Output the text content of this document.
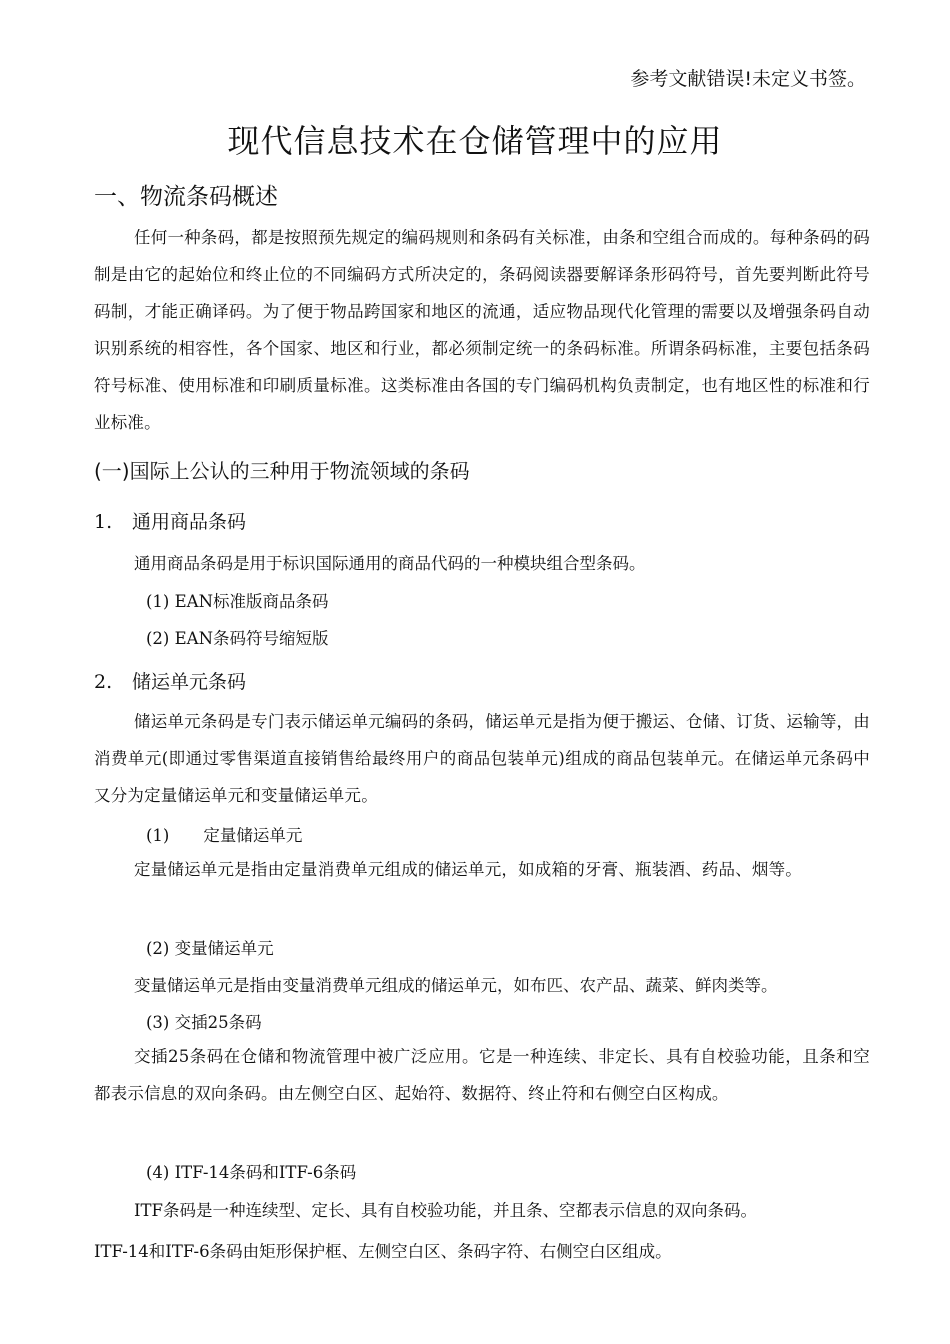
参考文献错误!未定义书签。
现代信息技术在仓储管理中的应用
一、物流条码概述
任何一种条码，都是按照预先规定的编码规则和条码有关标准，由条和空组合而成的。每种条码的码制是由它的起始位和终止位的不同编码方式所决定的，条码阅读器要解译条形码符号，首先要判断此符号码制，才能正确译码。为了便于物品跨国家和地区的流通，适应物品现代化管理的需要以及增强条码自动识别系统的相容性，各个国家、地区和行业，都必须制定统一的条码标准。所谓条码标准，主要包括条码符号标准、使用标准和印刷质量标准。这类标准由各国的专门编码机构负责制定，也有地区性的标准和行业标准。
(一)国际上公认的三种用于物流领域的条码
1. 通用商品条码
通用商品条码是用于标识国际通用的商品代码的一种模块组合型条码。
(1) EAN标准版商品条码
(2) EAN条码符号缩短版
2. 储运单元条码
储运单元条码是专门表示储运单元编码的条码，储运单元是指为便于搬运、仓储、订货、运输等，由消费单元(即通过零售渠道直接销售给最终用户的商品包装单元)组成的商品包装单元。在储运单元条码中又分为定量储运单元和变量储运单元。
(1) 定量储运单元
定量储运单元是指由定量消费单元组成的储运单元，如成箱的牙膏、瓶装酒、药品、烟等。
(2) 变量储运单元
变量储运单元是指由变量消费单元组成的储运单元，如布匹、农产品、蔬菜、鲜肉类等。
(3) 交插25条码
交插25条码在仓储和物流管理中被广泛应用。它是一种连续、非定长、具有自校验功能，且条和空都表示信息的双向条码。由左侧空白区、起始符、数据符、终止符和右侧空白区构成。
(4) ITF-14条码和ITF-6条码
ITF条码是一种连续型、定长、具有自校验功能，并且条、空都表示信息的双向条码。
ITF-14和ITF-6条码由矩形保护框、左侧空白区、条码字符、右侧空白区组成。
